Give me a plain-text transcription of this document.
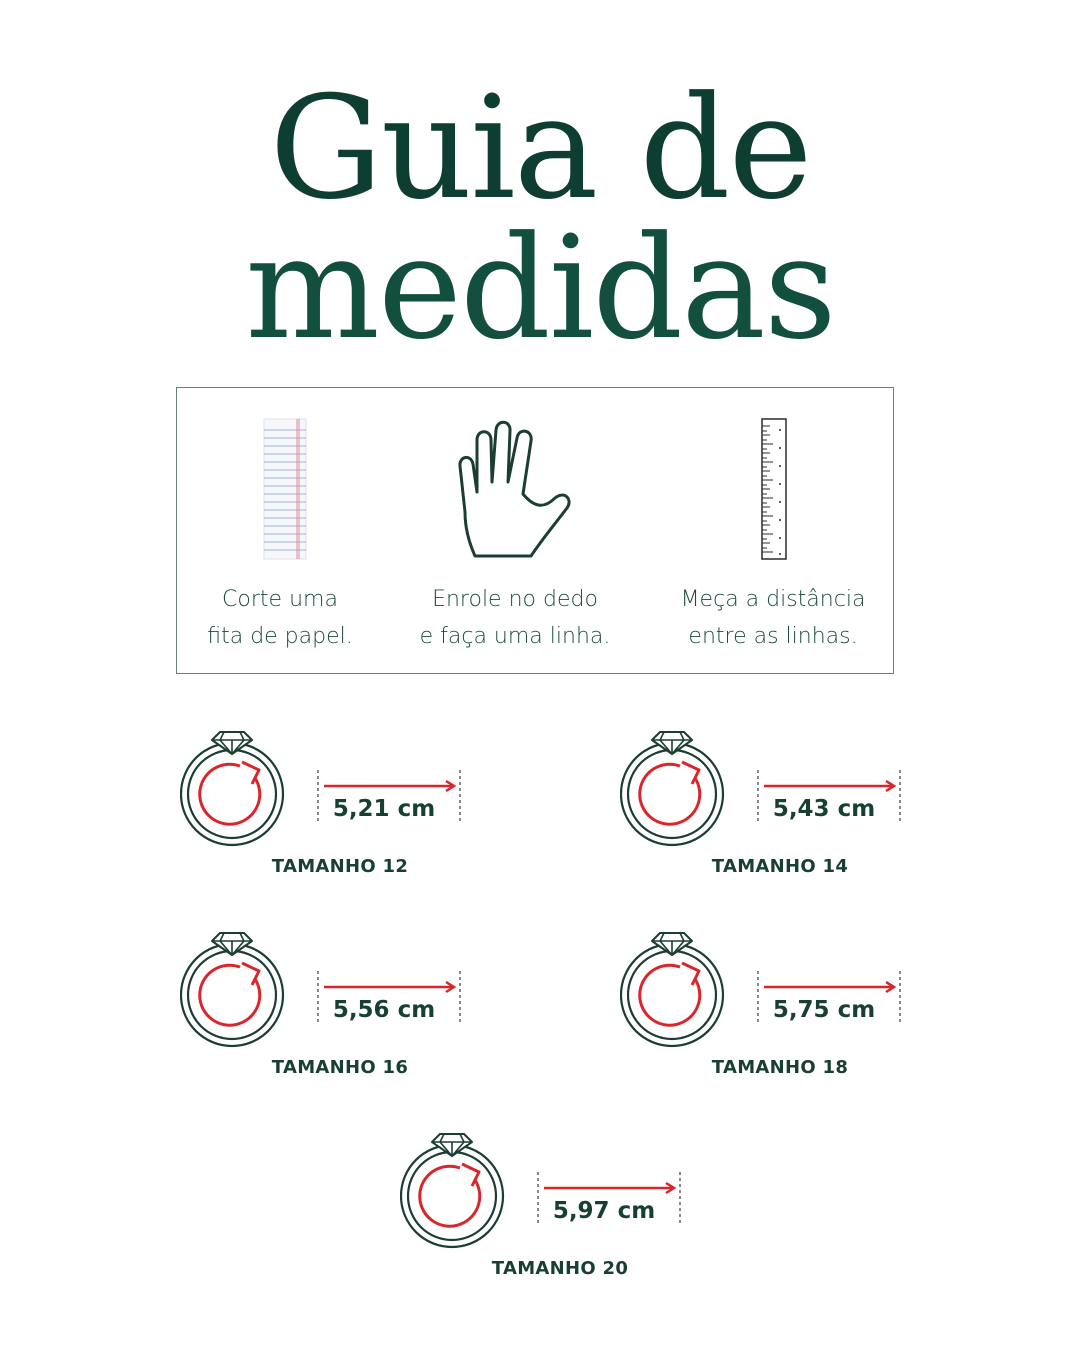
Guia de
medidas
Corte uma
fita de papel.
Enrole no dedo
e faça uma linha.
Meça a distância
entre as linhas.
5,21 cm
TAMANHO 12
5,43 cm
TAMANHO 14
5,56 cm
TAMANHO 16
5,75 cm
TAMANHO 18
5,97 cm
TAMANHO 20
